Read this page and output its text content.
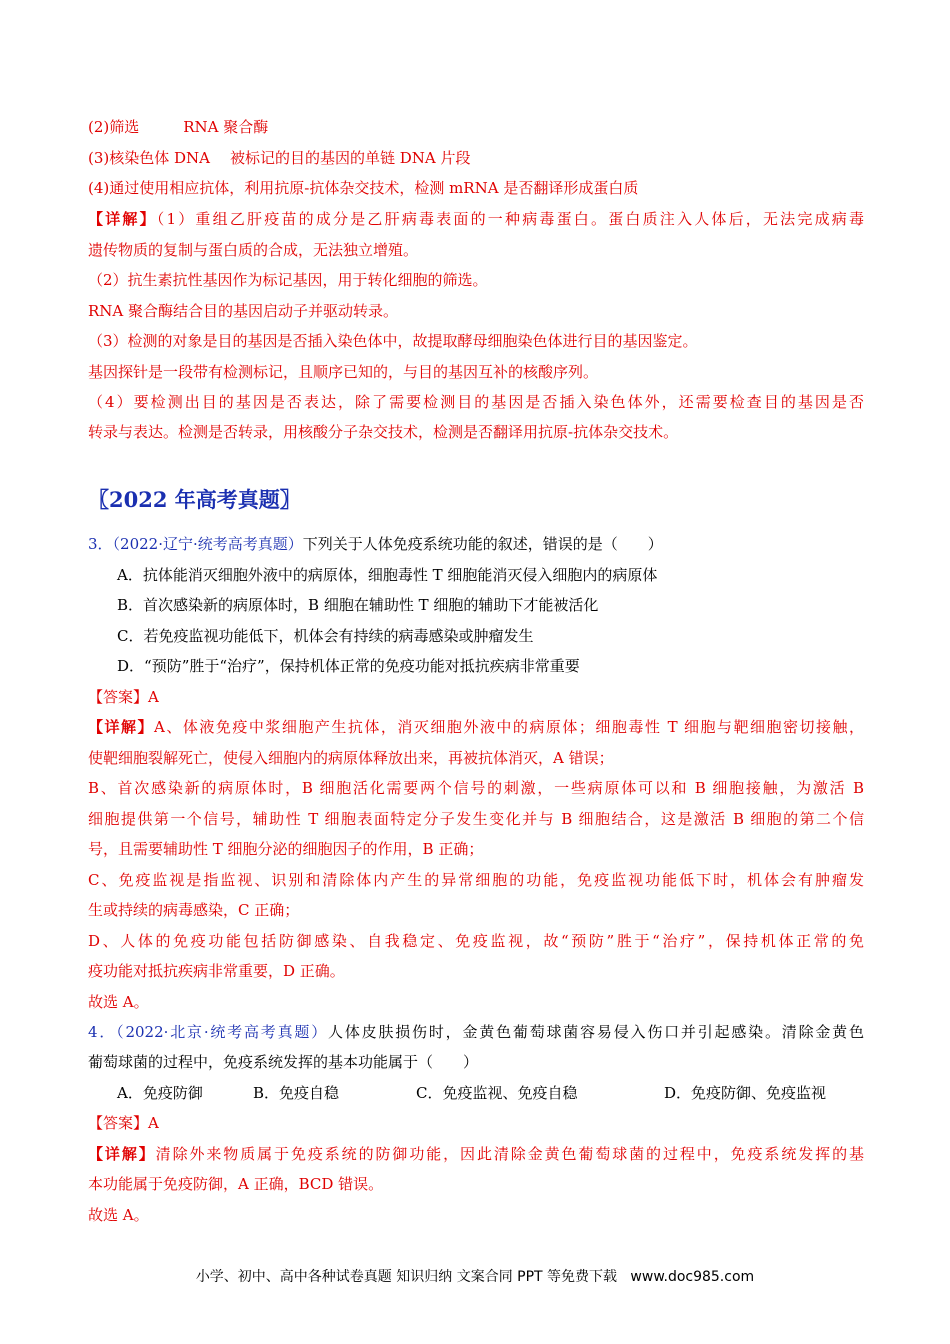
(2)筛选	RNA 聚合酶
(3)核染色体 DNA 被标记的目的基因的单链 DNA 片段
(4)通过使用相应抗体，利用抗原-抗体杂交技术，检测 mRNA 是否翻译形成蛋白质
【详解】（1）重组乙肝疫苗的成分是乙肝病毒表面的一种病毒蛋白。蛋白质注入人体后，无法完成病毒
遗传物质的复制与蛋白质的合成，无法独立增殖。
（2）抗生素抗性基因作为标记基因，用于转化细胞的筛选。
RNA 聚合酶结合目的基因启动子并驱动转录。
（3）检测的对象是目的基因是否插入染色体中，故提取酵母细胞染色体进行目的基因鉴定。
基因探针是一段带有检测标记，且顺序已知的，与目的基因互补的核酸序列。
（4）要检测出目的基因是否表达，除了需要检测目的基因是否插入染色体外，还需要检查目的基因是否
转录与表达。检测是否转录，用核酸分子杂交技术，检测是否翻译用抗原-抗体杂交技术。
〖2022 年高考真题〗
3．（2022·辽宁·统考高考真题）下列关于人体免疫系统功能的叙述，错误的是（　　）
A．抗体能消灭细胞外液中的病原体，细胞毒性 T 细胞能消灭侵入细胞内的病原体
B．首次感染新的病原体时，B 细胞在辅助性 T 细胞的辅助下才能被活化
C．若免疫监视功能低下，机体会有持续的病毒感染或肿瘤发生
D．“预防”胜于“治疗”，保持机体正常的免疫功能对抵抗疾病非常重要
【答案】A
【详解】A、体液免疫中浆细胞产生抗体，消灭细胞外液中的病原体；细胞毒性 T 细胞与靶细胞密切接触，
使靶细胞裂解死亡，使侵入细胞内的病原体释放出来，再被抗体消灭，A 错误；
B、首次感染新的病原体时，B 细胞活化需要两个信号的刺激，一些病原体可以和 B 细胞接触，为激活 B
细胞提供第一个信号，辅助性 T 细胞表面特定分子发生变化并与 B 细胞结合，这是激活 B 细胞的第二个信
号，且需要辅助性 T 细胞分泌的细胞因子的作用，B 正确；
C、免疫监视是指监视、识别和清除体内产生的异常细胞的功能，免疫监视功能低下时，机体会有肿瘤发
生或持续的病毒感染，C 正确；
D、人体的免疫功能包括防御感染、自我稳定、免疫监视，故“预防”胜于“治疗”，保持机体正常的免
疫功能对抵抗疾病非常重要，D 正确。
故选 A。
4．（2022·北京·统考高考真题）人体皮肤损伤时，金黄色葡萄球菌容易侵入伤口并引起感染。清除金黄色
葡萄球菌的过程中，免疫系统发挥的基本功能属于（　　）
A．免疫防御	B．免疫自稳	C．免疫监视、免疫自稳	D．免疫防御、免疫监视
【答案】A
【详解】清除外来物质属于免疫系统的防御功能，因此清除金黄色葡萄球菌的过程中，免疫系统发挥的基
本功能属于免疫防御，A 正确，BCD 错误。
故选 A。
小学、初中、高中各种试卷真题 知识归纳 文案合同 PPT 等免费下载 www.doc985.com
